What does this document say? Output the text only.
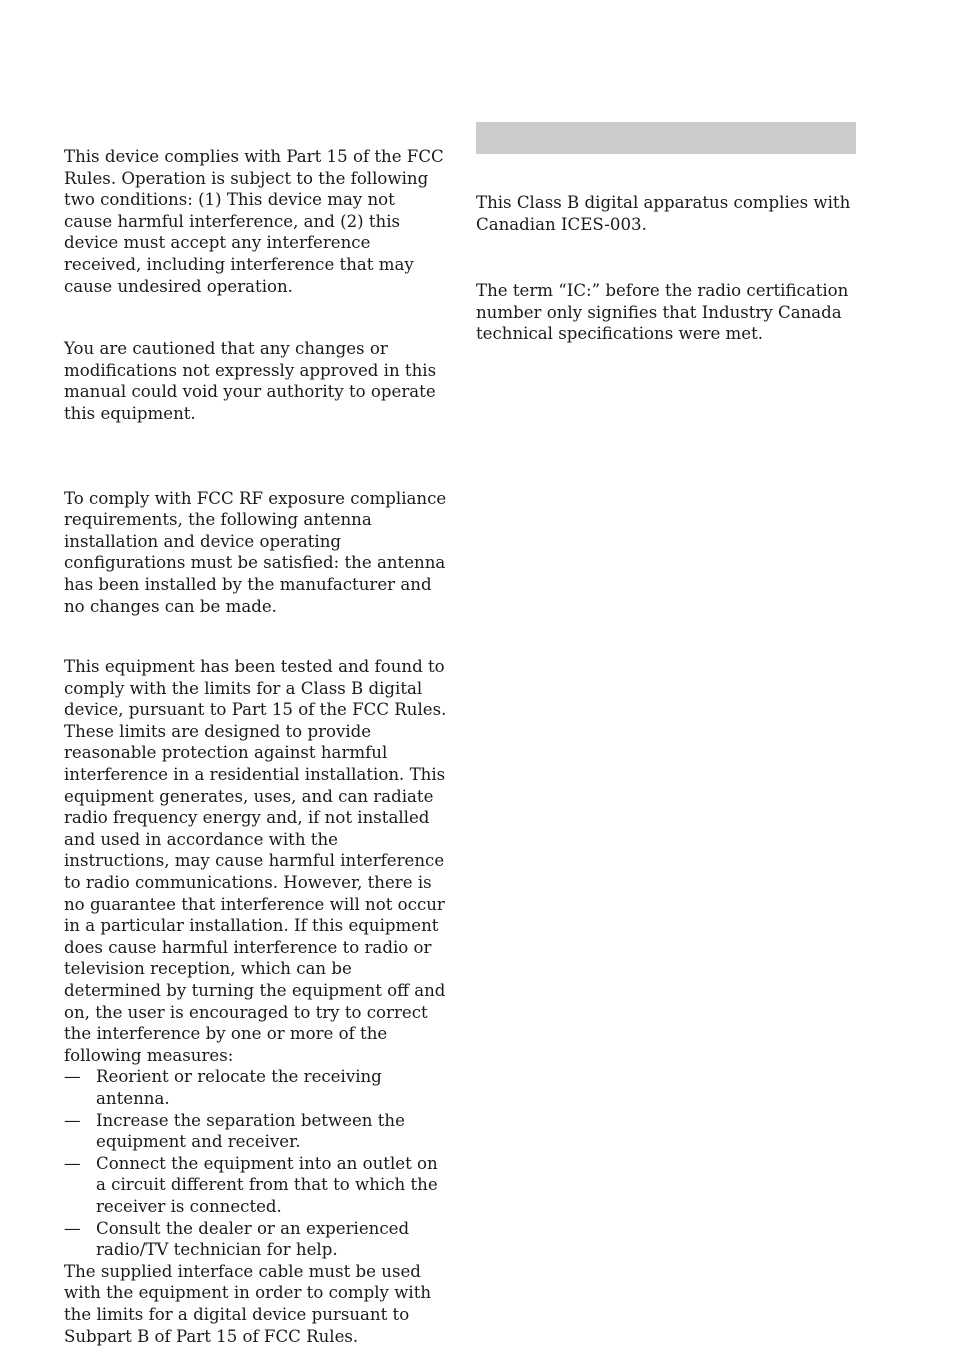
This device complies with Part 15 of the FCC Rules. Operation is subject to the following two conditions: (1) This device may not cause harmful interference, and (2) this device must accept any interference received, including interference that may cause undesired operation.

You are cautioned that any changes or modifications not expressly approved in this manual could void your authority to operate this equipment.

To comply with FCC RF exposure compliance requirements, the following antenna installation and device operating configurations must be satisfied: the antenna has been installed by the manufacturer and no changes can be made.

This equipment has been tested and found to comply with the limits for a Class B digital device, pursuant to Part 15 of the FCC Rules. These limits are designed to provide reasonable protection against harmful interference in a residential installation. This equipment generates, uses, and can radiate radio frequency energy and, if not installed and used in accordance with the instructions, may cause harmful interference to radio communications. However, there is no guarantee that interference will not occur in a particular installation. If this equipment does cause harmful interference to radio or television reception, which can be determined by turning the equipment off and on, the user is encouraged to try to correct the interference by one or more of the following measures:

— Reorient or relocate the receiving antenna.
— Increase the separation between the equipment and receiver.
— Connect the equipment into an outlet on a circuit different from that to which the receiver is connected.
— Consult the dealer or an experienced radio/TV technician for help.

The supplied interface cable must be used with the equipment in order to comply with the limits for a digital device pursuant to Subpart B of Part 15 of FCC Rules.

This Class B digital apparatus complies with Canadian ICES-003.

The term “IC:” before the radio certification number only signifies that Industry Canada technical specifications were met.
